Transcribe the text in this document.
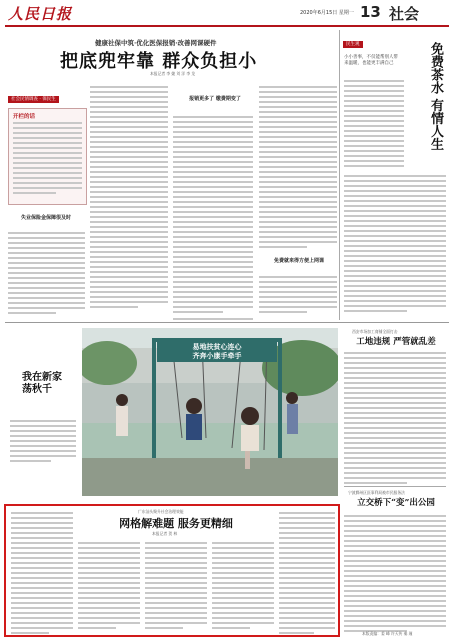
人民日报	2020年6月15日 星期一 13 社会
健康社保中筑·优化医保报销·改善网课硬件
把底兜牢靠 群众负担小
本报记者 李 婕 刘 洋 李 龙
社会民情调查 · 保民生
开栏的话
失业保险金保障很及时
报销更多了 缴费期变了
免费就来得方便上网课
民生观
小小善事，不仅能帮别人带来温暖，也能更丰满自己	免费茶水 有情人生
易地扶贫心连心
齐奔小康手牵手
我在新家荡秋千
西安市场加工商铺全面打击
工地违规 严管就乱差
宁波鄞州区医事利局被市民服务法
立交桥下“变”出公园
广东汕头聚升社会治理效能
网格解难题 服务更精细
本报记者 贺 林
本版责编：姜 峰 许天传 秦 瑾
